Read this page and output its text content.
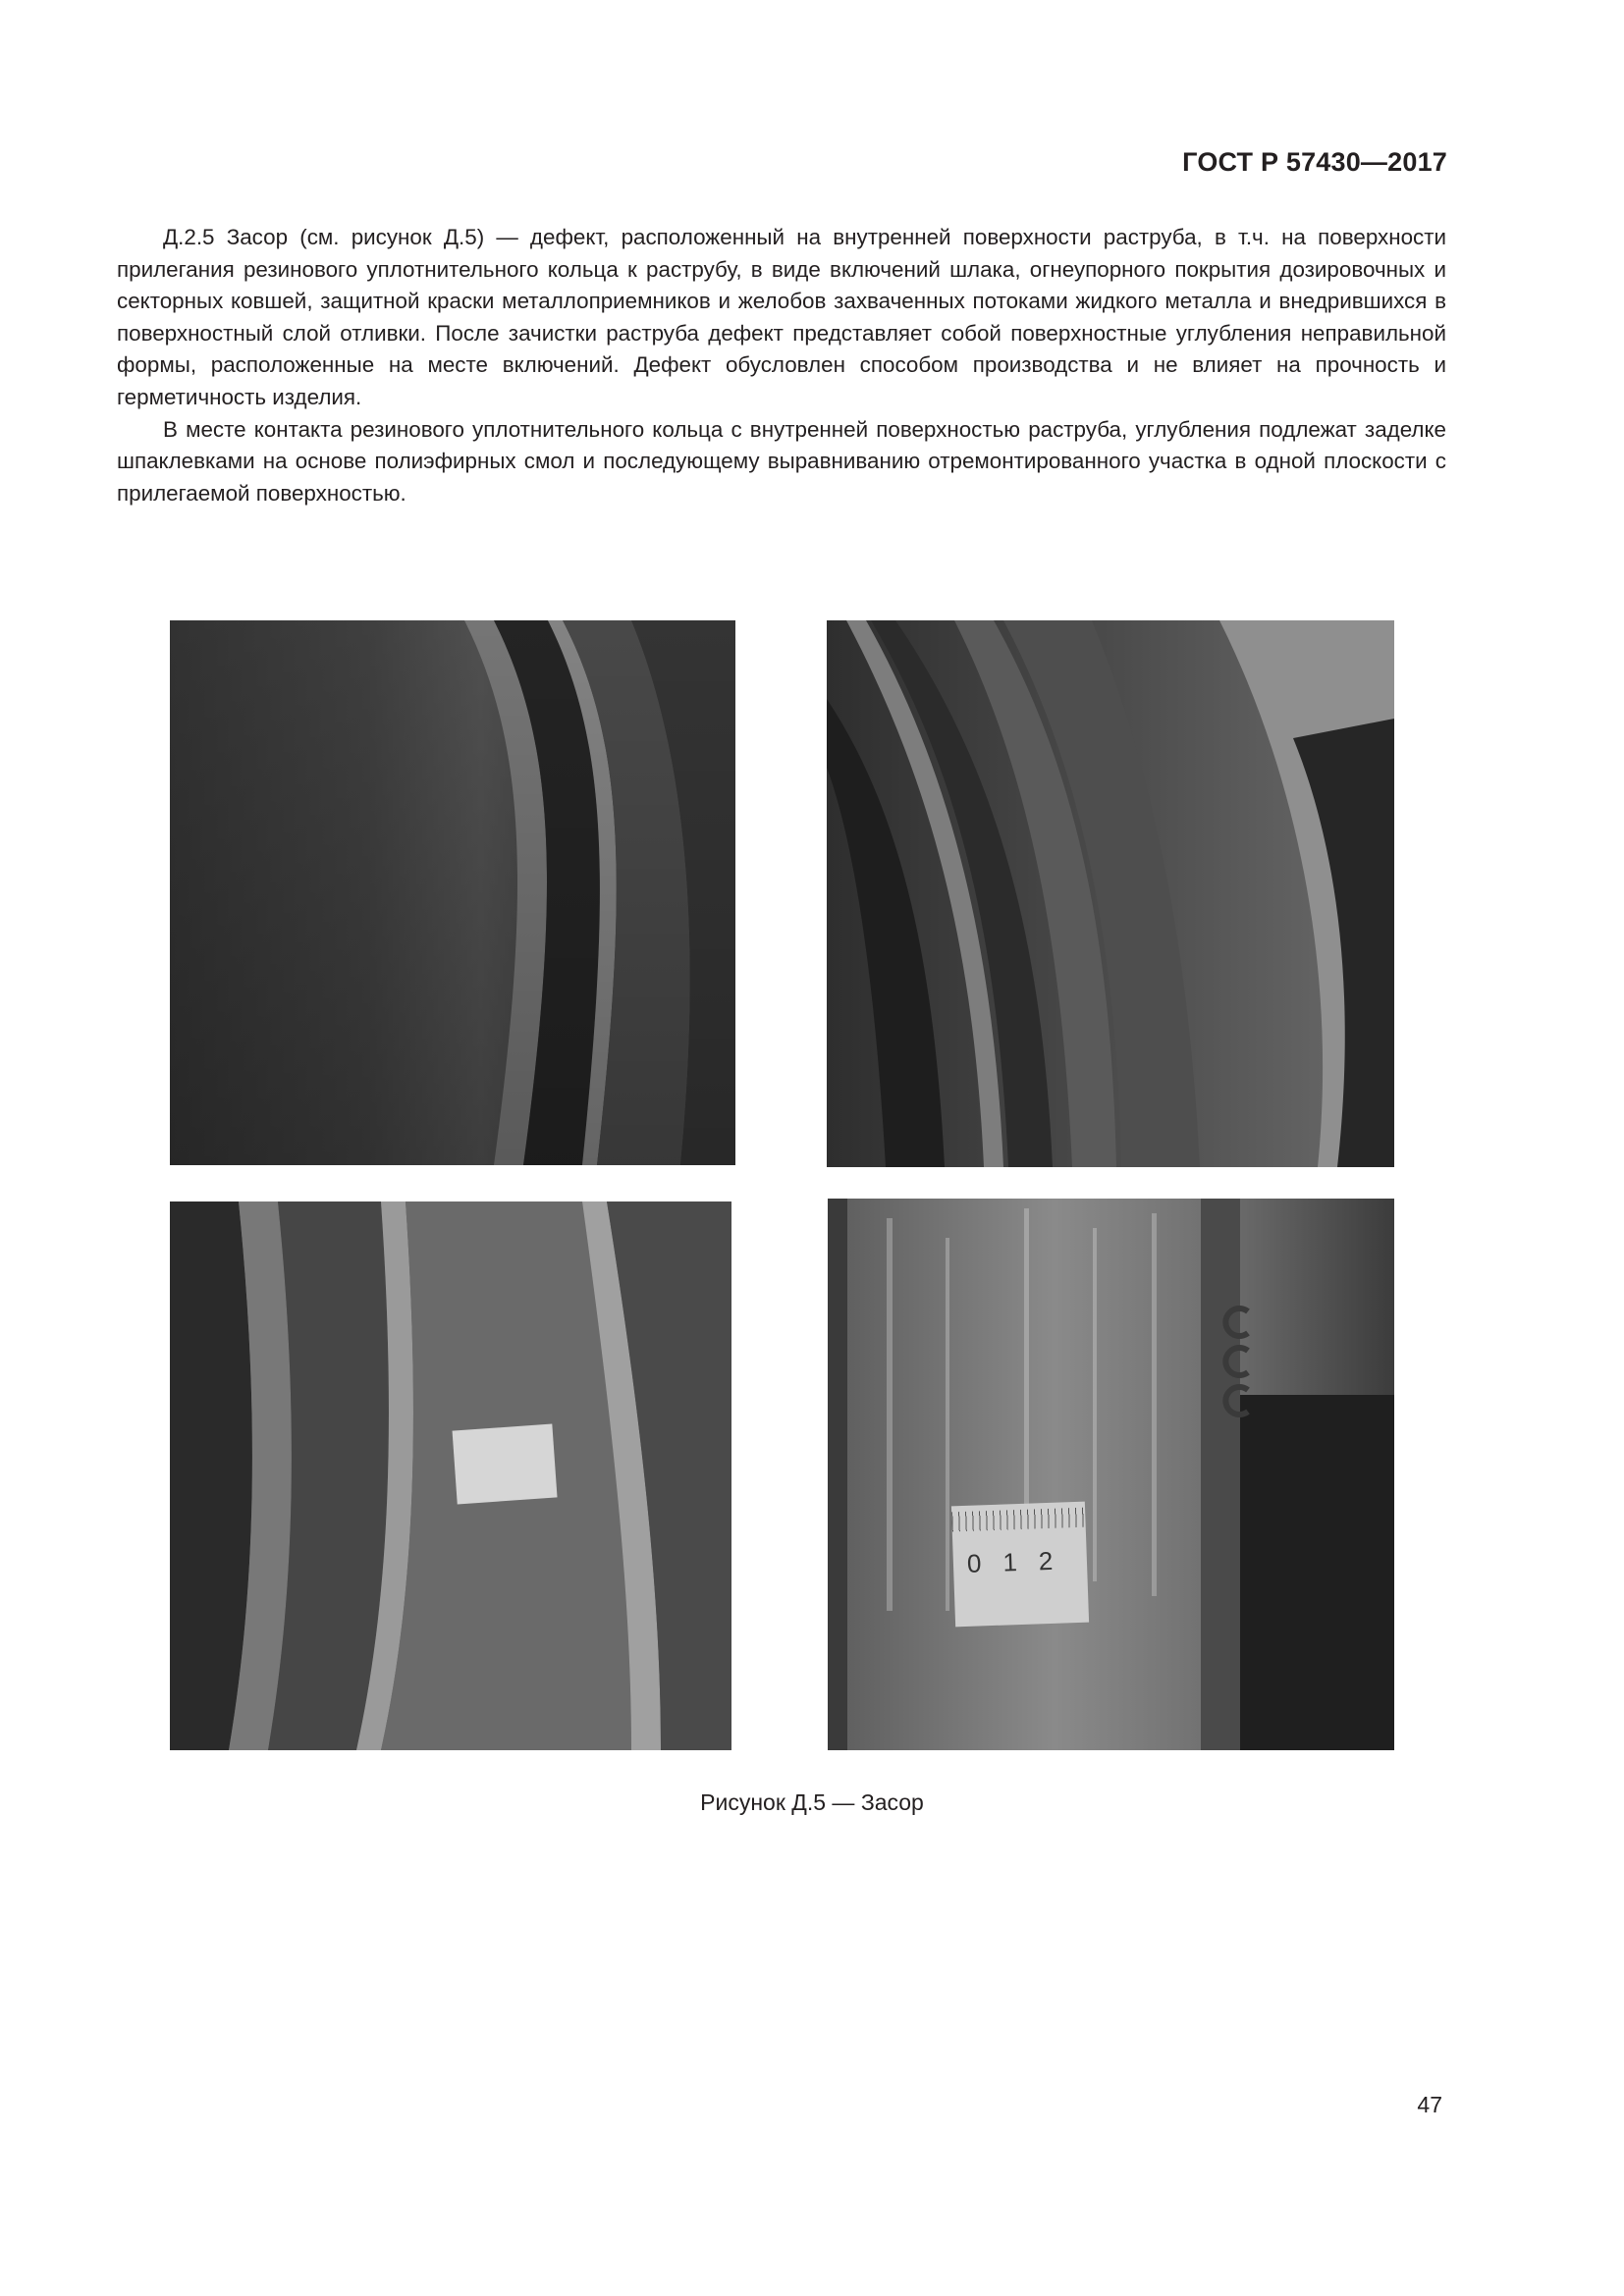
ГОСТ Р 57430—2017

Д.2.5 Засор (см. рисунок Д.5) — дефект, расположенный на внутренней поверхности раструба, в т.ч. на поверхности прилегания резинового уплотнительного кольца к раструбу, в виде включений шлака, огнеупорного покрытия дозировочных и секторных ковшей, защитной краски металлоприемников и желобов захваченных потоками жидкого металла и внедрившихся в поверхностный слой отливки. После зачистки раструба дефект представляет собой поверхностные углубления неправильной формы, расположенные на месте включений. Дефект обусловлен способом производства и не влияет на прочность и герметичность изделия.

В месте контакта резинового уплотнительного кольца с внутренней поверхностью раструба, углубления подлежат заделке шпаклевками на основе полиэфирных смол и последующему выравниванию отремонтированного участка в одной плоскости с прилегаемой поверхностью.

0 1 2
Рисунок Д.5 — Засор
47
